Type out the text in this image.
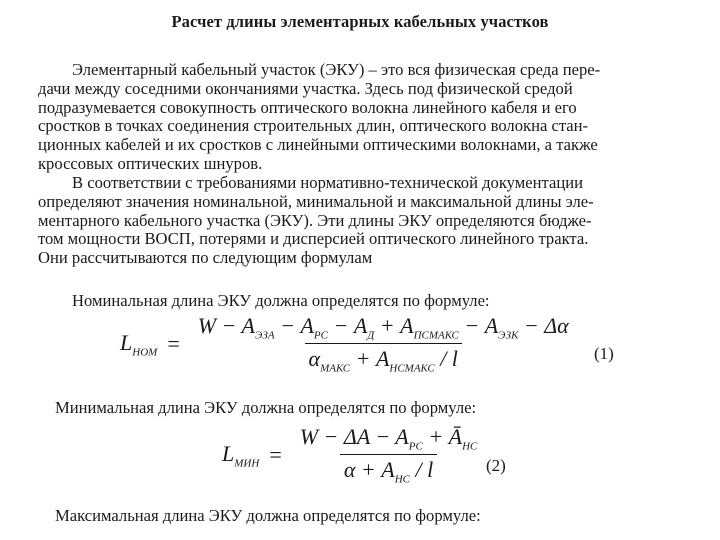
Расчет длины элементарных кабельных участков
Элементарный кабельный участок (ЭКУ) – это вся физическая среда пере-
дачи между соседними окончаниями участка. Здесь под физической средой
подразумевается совокупность оптического волокна линейного кабеля и его
сростков в точках соединения строительных длин, оптического волокна стан-
ционных кабелей и их сростков с линейными оптическими волокнами, а также
кроссовых оптических шнуров.
В соответствии с требованиями нормативно-технической документации
определяют значения номинальной, минимальной и максимальной длины эле-
ментарного кабельного участка (ЭКУ). Эти длины ЭКУ определяются бюдже-
том мощности ВОСП, потерями и дисперсией оптического линейного тракта.
Они рассчитываются по следующим формулам
Номинальная длина ЭКУ должна определятся по формуле:
$L_{НОМ} = \frac{W - A_{ЭЗА} - A_{РС} - A_Д + A_{ПСМАКС} - A_{ЭЗК} - \Delta\alpha}{\alpha_{МАКС} + A_{НСМАКС} / l} (1)$
Минимальная длина ЭКУ должна определятся по формуле:
$L_{МИН} = \frac{W - \Delta A - A_{РС} + Ā_{НС}}{\alpha + A_{НС} / l} (2)$
Максимальная длина ЭКУ должна определятся по формуле:
